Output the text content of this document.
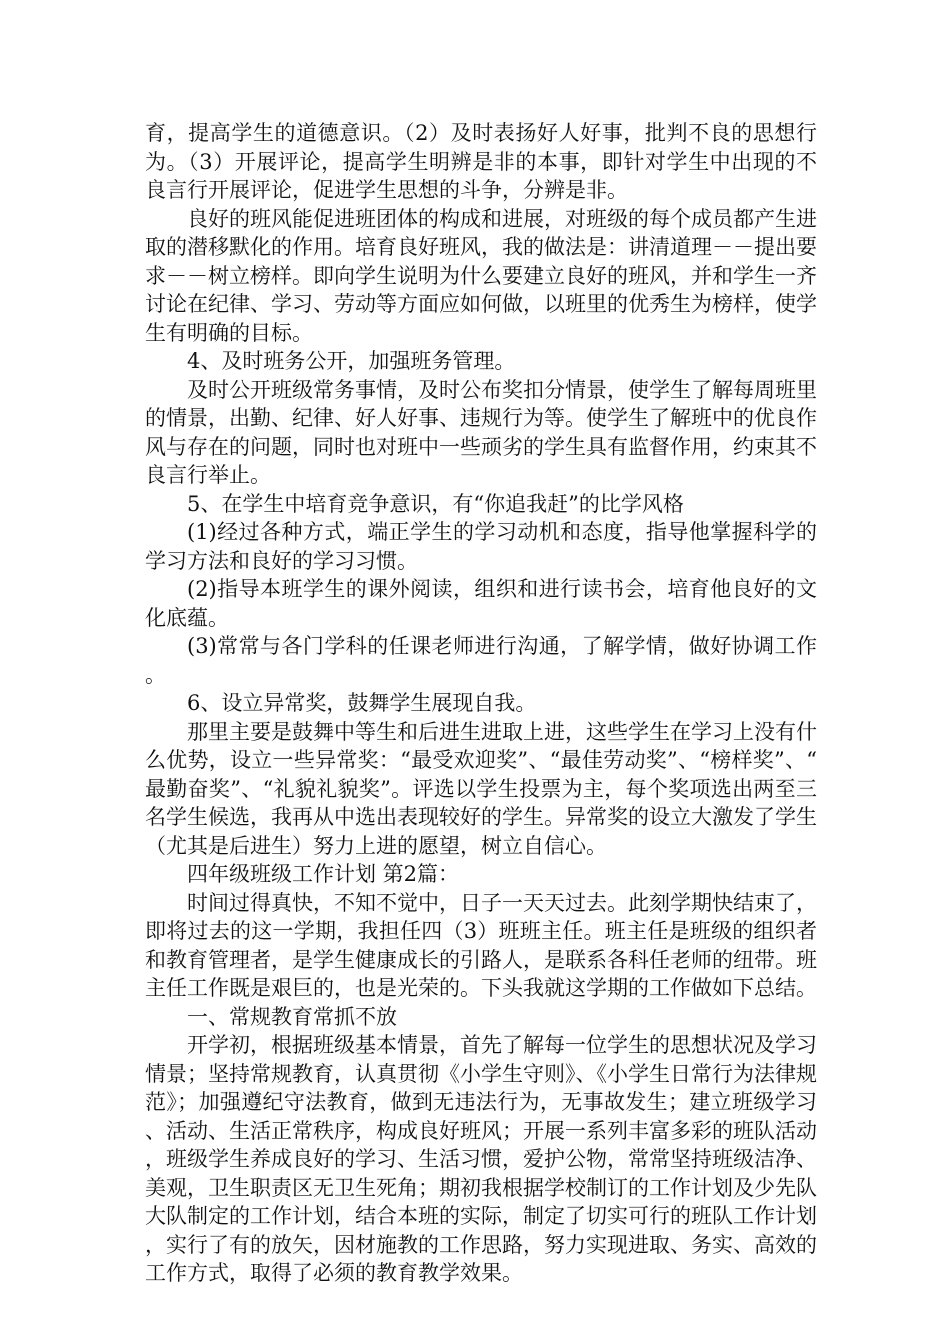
育，提高学生的道德意识。（2）及时表扬好人好事，批判不良的思想行为。（3）开展评论，提高学生明辨是非的本事，即针对学生中出现的不良言行开展评论，促进学生思想的斗争，分辨是非。

良好的班风能促进班团体的构成和进展，对班级的每个成员都产生进取的潜移默化的作用。培育良好班风，我的做法是：讲清道理－－提出要求－－树立榜样。即向学生说明为什么要建立良好的班风，并和学生一齐讨论在纪律、学习、劳动等方面应如何做，以班里的优秀生为榜样，使学生有明确的目标。

4、及时班务公开，加强班务管理。

及时公开班级常务事情，及时公布奖扣分情景，使学生了解每周班里的情景，出勤、纪律、好人好事、违规行为等。使学生了解班中的优良作风与存在的问题，同时也对班中一些顽劣的学生具有监督作用，约束其不良言行举止。

5、在学生中培育竞争意识，有“你追我赶”的比学风格

(1)经过各种方式，端正学生的学习动机和态度，指导他掌握科学的学习方法和良好的学习习惯。

(2)指导本班学生的课外阅读，组织和进行读书会，培育他良好的文化底蕴。

(3)常常与各门学科的任课老师进行沟通，了解学情，做好协调工作。

6、设立异常奖，鼓舞学生展现自我。

那里主要是鼓舞中等生和后进生进取上进，这些学生在学习上没有什么优势，设立一些异常奖：“最受欢迎奖”、“最佳劳动奖”、“榜样奖”、“最勤奋奖”、“礼貌礼貌奖”。评选以学生投票为主，每个奖项选出两至三名学生候选，我再从中选出表现较好的学生。异常奖的设立大激发了学生（尤其是后进生）努力上进的愿望，树立自信心。

四年级班级工作计划 第2篇：

时间过得真快，不知不觉中，日子一天天过去。此刻学期快结束了，即将过去的这一学期，我担任四（3）班班主任。班主任是班级的组织者和教育管理者，是学生健康成长的引路人，是联系各科任老师的纽带。班主任工作既是艰巨的，也是光荣的。下头我就这学期的工作做如下总结。

一、常规教育常抓不放

开学初，根据班级基本情景，首先了解每一位学生的思想状况及学习情景；坚持常规教育，认真贯彻《小学生守则》、《小学生日常行为法律规范》；加强遵纪守法教育，做到无违法行为，无事故发生；建立班级学习、活动、生活正常秩序，构成良好班风；开展一系列丰富多彩的班队活动，班级学生养成良好的学习、生活习惯，爱护公物，常常坚持班级洁净、美观，卫生职责区无卫生死角；期初我根据学校制订的工作计划及少先队大队制定的工作计划，结合本班的实际，制定了切实可行的班队工作计划，实行了有的放矢，因材施教的工作思路，努力实现进取、务实、高效的工作方式，取得了必须的教育教学效果。
